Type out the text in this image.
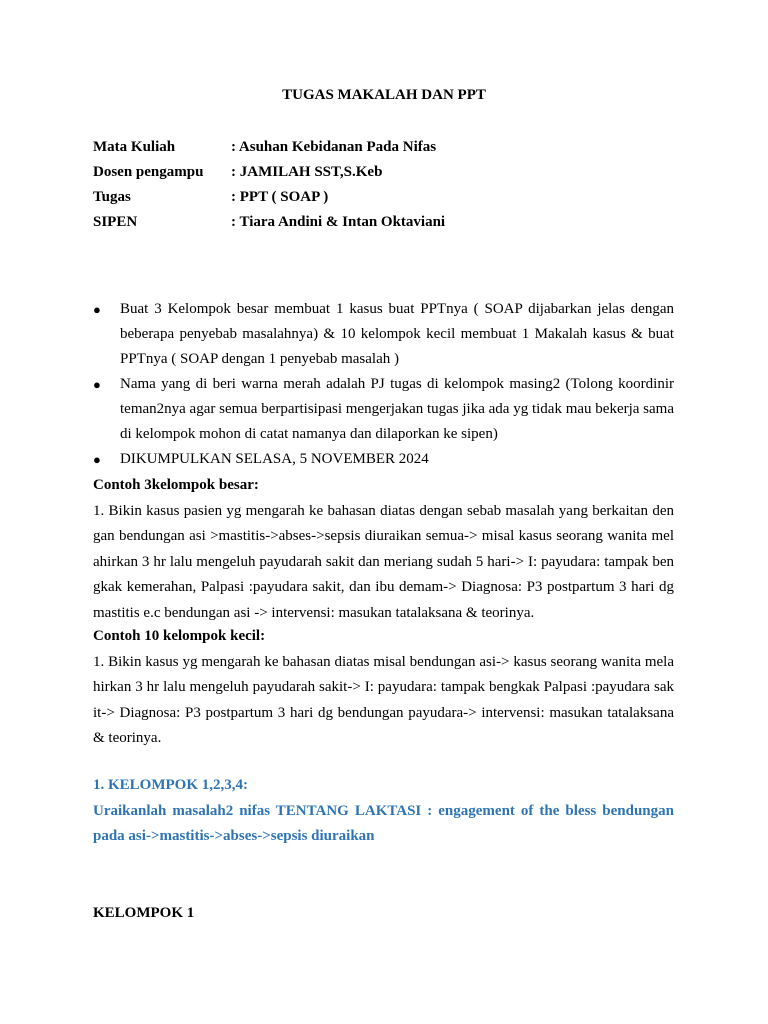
TUGAS MAKALAH DAN PPT
Mata Kuliah	: Asuhan Kebidanan Pada Nifas
Dosen pengampu	: JAMILAH SST,S.Keb
Tugas	: PPT ( SOAP )
SIPEN	: Tiara Andini & Intan Oktaviani
●	Buat 3 Kelompok besar membuat 1 kasus buat PPTnya ( SOAP dijabarkan jelas dengan beberapa penyebab masalahnya) & 10 kelompok kecil membuat 1 Makalah kasus & buat PPTnya ( SOAP dengan 1 penyebab masalah )
●	Nama yang di beri warna merah adalah PJ tugas di kelompok masing2 (Tolong koordinir teman2nya agar semua berpartisipasi mengerjakan tugas jika ada yg tidak mau bekerja sama di kelompok mohon di catat namanya dan dilaporkan ke sipen)
●	DIKUMPULKAN SELASA, 5 NOVEMBER 2024
Contoh 3kelompok besar:
1. Bikin kasus pasien yg mengarah ke bahasan diatas dengan sebab masalah yang berkaitan dengan bendungan asi >mastitis->abses->sepsis diuraikan semua-> misal kasus seorang wanita melahirkan 3 hr lalu mengeluh payudarah sakit dan meriang sudah 5 hari-> I: payudara: tampak bengkak kemerahan, Palpasi :payudara sakit, dan ibu demam-> Diagnosa: P3 postpartum 3 hari dg mastitis e.c bendungan asi -> intervensi: masukan tatalaksana & teorinya.
Contoh 10 kelompok kecil:
1. Bikin kasus yg mengarah ke bahasan diatas misal bendungan asi-> kasus seorang wanita melahirkan 3 hr lalu mengeluh payudarah sakit-> I: payudara: tampak bengkak Palpasi :payudara sakit-> Diagnosa: P3 postpartum 3 hari dg bendungan payudara-> intervensi: masukan tatalaksana & teorinya.
1. KELOMPOK 1,2,3,4:
Uraikanlah masalah2 nifas TENTANG LAKTASI : engagement of the bless bendungan pada asi->mastitis->abses->sepsis diuraikan
KELOMPOK 1
